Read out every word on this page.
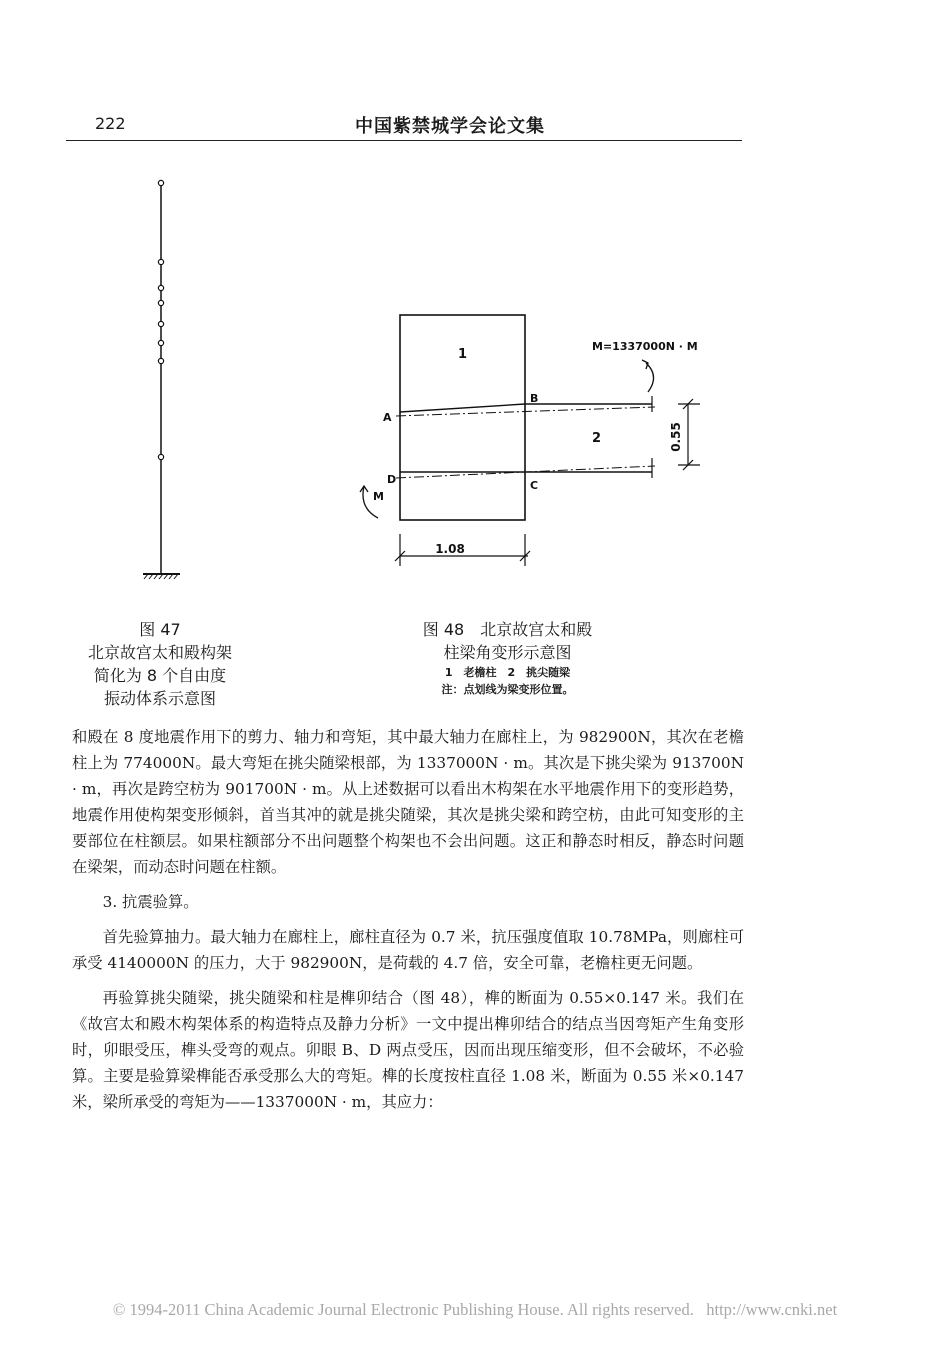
222	中国紫禁城学会论文集
0.55
1.08
1
2
A
B
C
D
M=1337000N · M
M
图 47
北京故宫太和殿构架
简化为 8 个自由度
振动体系示意图
图 48　北京故宫太和殿
柱梁角变形示意图
1　老檐柱　2　挑尖随梁
注：点划线为梁变形位置。

和殿在 8 度地震作用下的剪力、轴力和弯矩，其中最大轴力在廊柱上，为 982900N，其次在老檐柱上为 774000N。最大弯矩在挑尖随梁根部，为 1337000N · m。其次是下挑尖梁为 913700N · m，再次是跨空枋为 901700N · m。从上述数据可以看出木构架在水平地震作用下的变形趋势，地震作用使构架变形倾斜，首当其冲的就是挑尖随梁，其次是挑尖梁和跨空枋，由此可知变形的主要部位在柱额层。如果柱额部分不出问题整个构架也不会出问题。这正和静态时相反，静态时问题在梁架，而动态时问题在柱额。

3. 抗震验算。

首先验算抽力。最大轴力在廊柱上，廊柱直径为 0.7 米，抗压强度值取 10.78MPa，则廊柱可承受 4140000N 的压力，大于 982900N，是荷载的 4.7 倍，安全可靠，老檐柱更无问题。

再验算挑尖随梁，挑尖随梁和柱是榫卯结合（图 48），榫的断面为 0.55×0.147 米。我们在《故宫太和殿木构架体系的构造特点及静力分析》一文中提出榫卯结合的结点当因弯矩产生角变形时，卯眼受压，榫头受弯的观点。卯眼 B、D 两点受压，因而出现压缩变形，但不会破坏，不必验算。主要是验算梁榫能否承受那么大的弯矩。榫的长度按柱直径 1.08 米，断面为 0.55 米×0.147 米，梁所承受的弯矩为——1337000N · m，其应力：

© 1994-2011 China Academic Journal Electronic Publishing House. All rights reserved. http://www.cnki.net
